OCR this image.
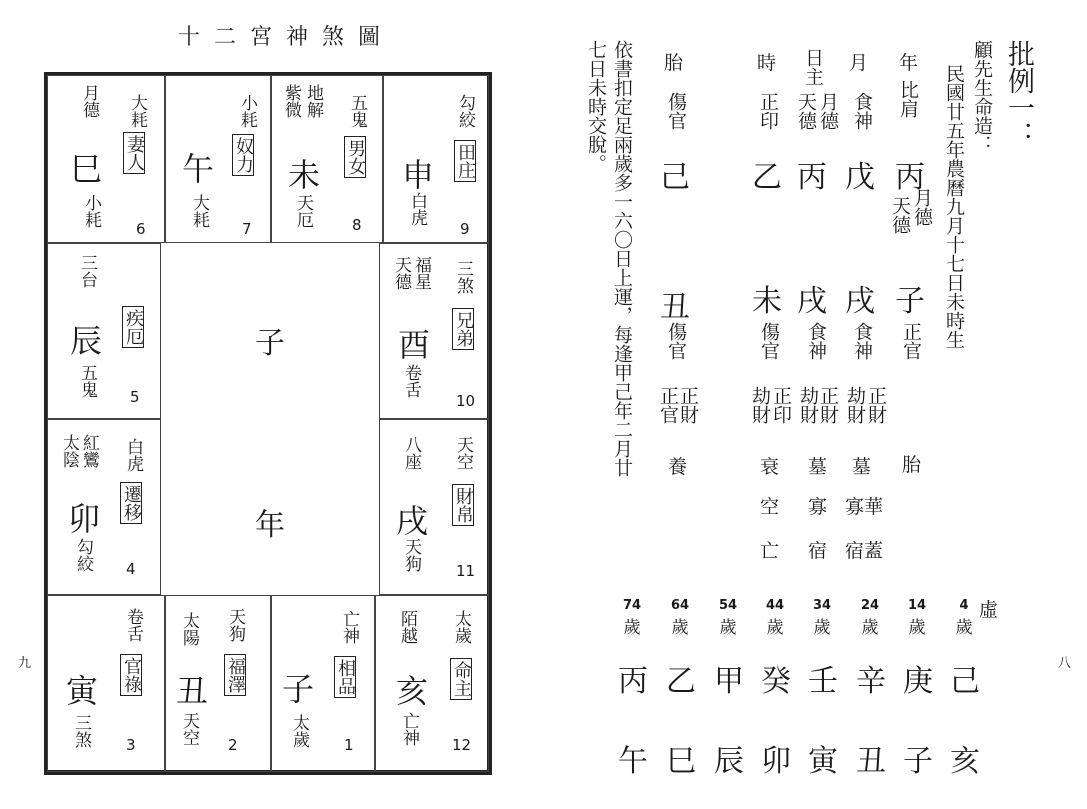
十二宮神煞圖
九
月德 大耗
巳 妻人
小耗
6
小耗
午 奴力
大耗
7
紫微 地解 五鬼
未 男女
天厄	8
勾絞
申 田庄
白虎
9
三台
辰 疾厄
五鬼 5
天德 福星 三煞
酉 兄弟
卷舌
10
子
年
太陰 紅鸞 白虎
卯 遷移
勾絞 4
八座 天空
戌 財帛
天狗 11
卷舌
寅 官祿
三煞 3
太陽 天狗
丑 福澤
天空 2
亡神
子 相品
太歲 1
陌越 太歲
亥 命主
亡神 12
八
批例一：
顧先生命造：
民國廿五年農曆九月十七日未時生
年
比肩
丙
天德 月德
子
正官
胎
月
食神
戊
戌
食神
劫財 正財
墓
寡華
宿蓋
日主
天德 月德
丙
戌
食神
劫財
正財
墓
寡
宿
時
正印
乙
未
傷官
劫財 正印
衰
空
亡
胎
傷官
己
丑
傷官
正官
正財
養
依書扣定足兩歲多一六〇日上運，每逢甲己年二月廿
七日未時交脫。
虛
4
歲
14
歲
24
歲
34
歲
44
歲
54
歲
64
歲
74
歲
己
庚
辛
壬
癸
甲
乙
丙
亥
子
丑
寅
卯
辰
巳
午
